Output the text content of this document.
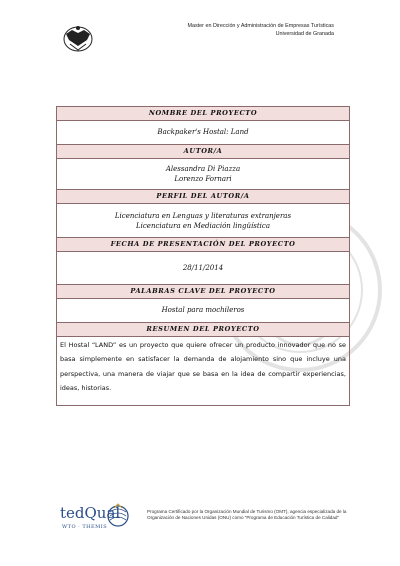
Master en Dirección y Administración de Empresas Turísticas
Universidad de Granada
NOMBRE DEL PROYECTO
Backpaker's Hostal: Land
AUTOR/A
Alessandra Di Piazza
Lorenzo Fornari
PERFIL DEL AUTOR/A
Licenciatura en Lenguas y literaturas extranjeras
Licenciatura en Mediación lingüística
FECHA DE PRESENTACIÓN DEL PROYECTO
28/11/2014
PALABRAS CLAVE DEL PROYECTO
Hostal para mochileros
RESUMEN DEL PROYECTO
El Hostal “LAND” es un proyecto que quiere ofrecer un producto innovador que no se basa simplemente en satisfacer la demanda de alojamiento sino que incluye una perspectiva, una manera de viajar que se basa en la idea de compartir experiencias, ideas, historias.
tedQual
WTO · THEMIS
Programa Certificado por la Organización Mundial de Turismo (OMT), agencia especializada de la Organización de Naciones Unidas (ONU) como “Programa de Educación Turística de Calidad”
